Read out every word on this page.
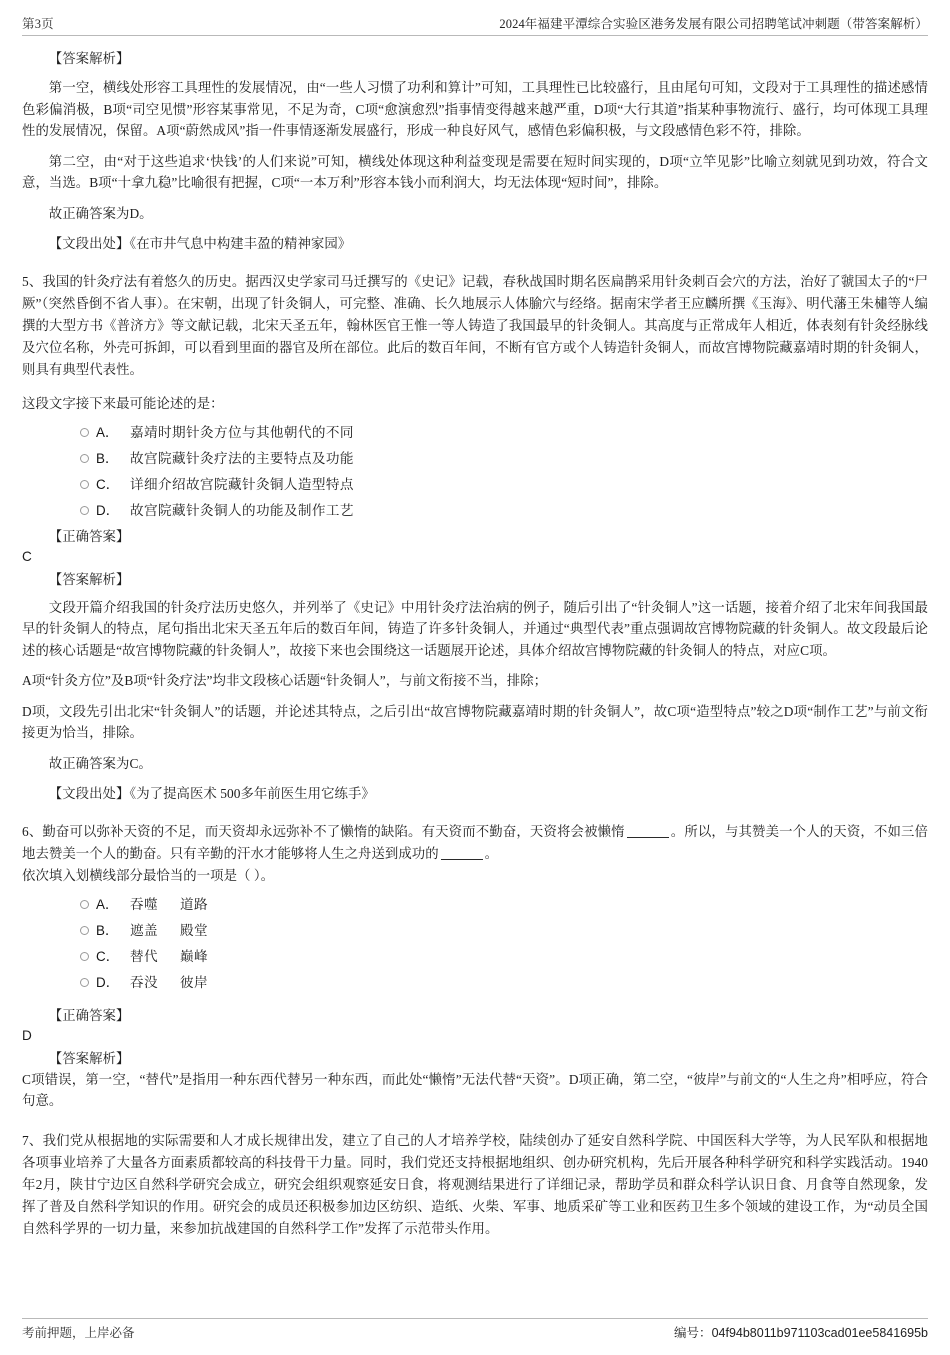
第3页	2024年福建平潭综合实验区港务发展有限公司招聘笔试冲刺题（带答案解析）

【答案解析】

第一空，横线处形容工具理性的发展情况，由“一些人习惯了功利和算计”可知，工具理性已比较盛行，且由尾句可知，文段对于工具理性的描述感情色彩偏消极，B项“司空见惯”形容某事常见，不足为奇，C项“愈演愈烈”指事情变得越来越严重，D项“大行其道”指某种事物流行、盛行，均可体现工具理性的发展情况，保留。A项“蔚然成风”指一件事情逐渐发展盛行，形成一种良好风气，感情色彩偏积极，与文段感情色彩不符，排除。

第二空，由“对于这些追求‘快钱’的人们来说”可知，横线处体现这种利益变现是需要在短时间实现的，D项“立竿见影”比喻立刻就见到功效，符合文意，当选。B项“十拿九稳”比喻很有把握，C项“一本万利”形容本钱小而利润大，均无法体现“短时间”，排除。

故正确答案为D。

【文段出处】《在市井气息中构建丰盈的精神家园》

5、我国的针灸疗法有着悠久的历史。据西汉史学家司马迁撰写的《史记》记载，春秋战国时期名医扁鹊采用针灸刺百会穴的方法，治好了虢国太子的“尸厥”（突然昏倒不省人事）。在宋朝，出现了针灸铜人，可完整、准确、长久地展示人体腧穴与经络。据南宋学者王应麟所撰《玉海》、明代藩王朱橚等人编撰的大型方书《普济方》等文献记载，北宋天圣五年，翰林医官王惟一等人铸造了我国最早的针灸铜人。其高度与正常成年人相近，体表刻有针灸经脉线及穴位名称，外壳可拆卸，可以看到里面的器官及所在部位。此后的数百年间，不断有官方或个人铸造针灸铜人，而故宫博物院藏嘉靖时期的针灸铜人，则具有典型代表性。

这段文字接下来最可能论述的是：

A． 嘉靖时期针灸方位与其他朝代的不同
B． 故宫院藏针灸疗法的主要特点及功能
C． 详细介绍故宫院藏针灸铜人造型特点
D． 故宫院藏针灸铜人的功能及制作工艺

【正确答案】

C

【答案解析】

文段开篇介绍我国的针灸疗法历史悠久，并列举了《史记》中用针灸疗法治病的例子，随后引出了“针灸铜人”这一话题，接着介绍了北宋年间我国最早的针灸铜人的特点，尾句指出北宋天圣五年后的数百年间，铸造了许多针灸铜人，并通过“典型代表”重点强调故宫博物院藏的针灸铜人。故文段最后论述的核心话题是“故宫博物院藏的针灸铜人”，故接下来也会围绕这一话题展开论述，具体介绍故宫博物院藏的针灸铜人的特点，对应C项。

A项“针灸方位”及B项“针灸疗法”均非文段核心话题“针灸铜人”，与前文衔接不当，排除；

D项，文段先引出北宋“针灸铜人”的话题，并论述其特点，之后引出“故宫博物院藏嘉靖时期的针灸铜人”，故C项“造型特点”较之D项“制作工艺”与前文衔接更为恰当，排除。

故正确答案为C。

【文段出处】《为了提高医术 500多年前医生用它练手》

6、勤奋可以弥补天资的不足，而天资却永远弥补不了懒惰的缺陷。有天资而不勤奋，天资将会被懒惰	。所以，与其赞美一个人的天资，不如三倍地去赞美一个人的勤奋。只有辛勤的汗水才能够将人生之舟送到成功的	。

依次填入划横线部分最恰当的一项是（ ）。

A． 吞噬 道路
B． 遮盖 殿堂
C． 替代 巅峰
D． 吞没 彼岸

【正确答案】

D

【答案解析】

C项错误，第一空，“替代”是指用一种东西代替另一种东西，而此处“懒惰”无法代替“天资”。D项正确，第二空，“彼岸”与前文的“人生之舟”相呼应，符合句意。

7、我们党从根据地的实际需要和人才成长规律出发，建立了自己的人才培养学校，陆续创办了延安自然科学院、中国医科大学等，为人民军队和根据地各项事业培养了大量各方面素质都较高的科技骨干力量。同时，我们党还支持根据地组织、创办研究机构，先后开展各种科学研究和科学实践活动。1940年2月，陕甘宁边区自然科学研究会成立，研究会组织观察延安日食，将观测结果进行了详细记录，帮助学员和群众科学认识日食、月食等自然现象，发挥了普及自然科学知识的作用。研究会的成员还积极参加边区纺织、造纸、火柴、军事、地质采矿等工业和医药卫生多个领域的建设工作，为“动员全国自然科学界的一切力量，来参加抗战建国的自然科学工作”发挥了示范带头作用。

考前押题，上岸必备	编号：04f94b8011b971103cad01ee5841695b
